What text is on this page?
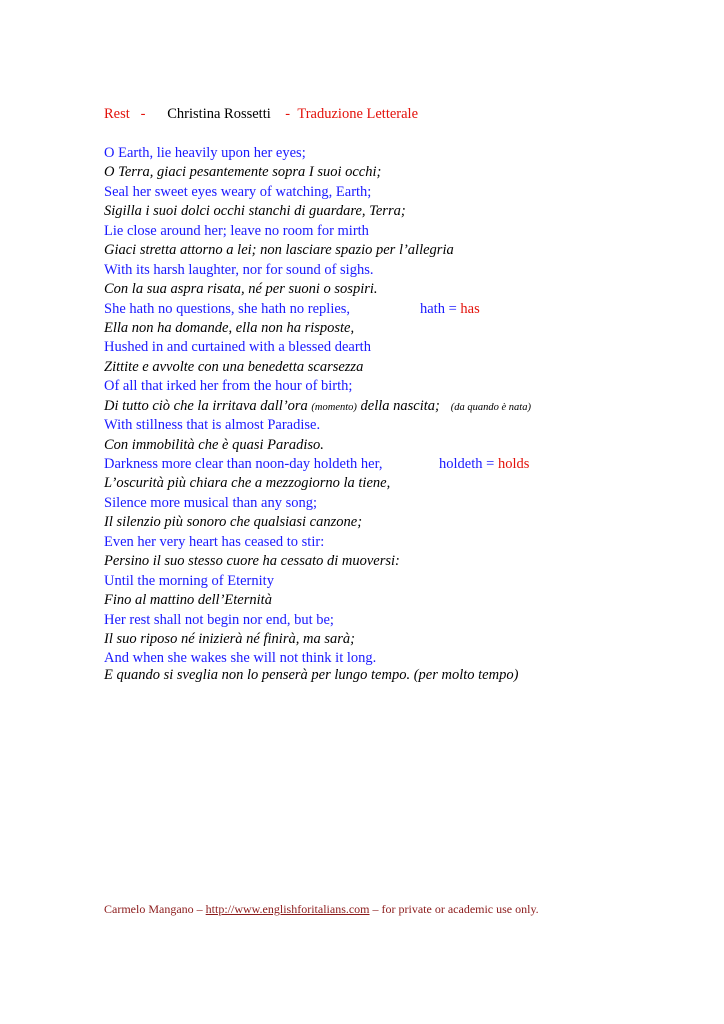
Rest - Christina Rossetti - Traduzione Letterale
O Earth, lie heavily upon her eyes;
O Terra, giaci pesantemente sopra I suoi occhi;
Seal her sweet eyes weary of watching, Earth;
Sigilla i suoi dolci occhi stanchi di guardare, Terra;
Lie close around her; leave no room for mirth
Giaci stretta attorno a lei; non lasciare spazio per l’allegria
With its harsh laughter, nor for sound of sighs.
Con la sua aspra risata, né per suoni o sospiri.
She hath no questions, she hath no replies,	hath = has
Ella non ha domande, ella non ha risposte,
Hushed in and curtained with a blessed dearth
Zittite e avvolte con una benedetta scarsezza
Of all that irked her from the hour of birth;
Di tutto ciò che la irritava dall’ora (momento) della nascita; (da quando è nata)
With stillness that is almost Paradise.
Con immobilità che è quasi Paradiso.
Darkness more clear than noon-day holdeth her,	holdeth = holds
L’oscurità più chiara che a mezzogiorno la tiene,
Silence more musical than any song;
Il silenzio più sonoro che qualsiasi canzone;
Even her very heart has ceased to stir:
Persino il suo stesso cuore ha cessato di muoversi:
Until the morning of Eternity
Fino al mattino dell’Eternità
Her rest shall not begin nor end, but be;
Il suo riposo né inizierà né finirà, ma sarà;
And when she wakes she will not think it long.
E quando si sveglia non lo penserà per lungo tempo. (per molto tempo)
Carmelo Mangano – http://www.englishforitalians.com – for private or academic use only.
